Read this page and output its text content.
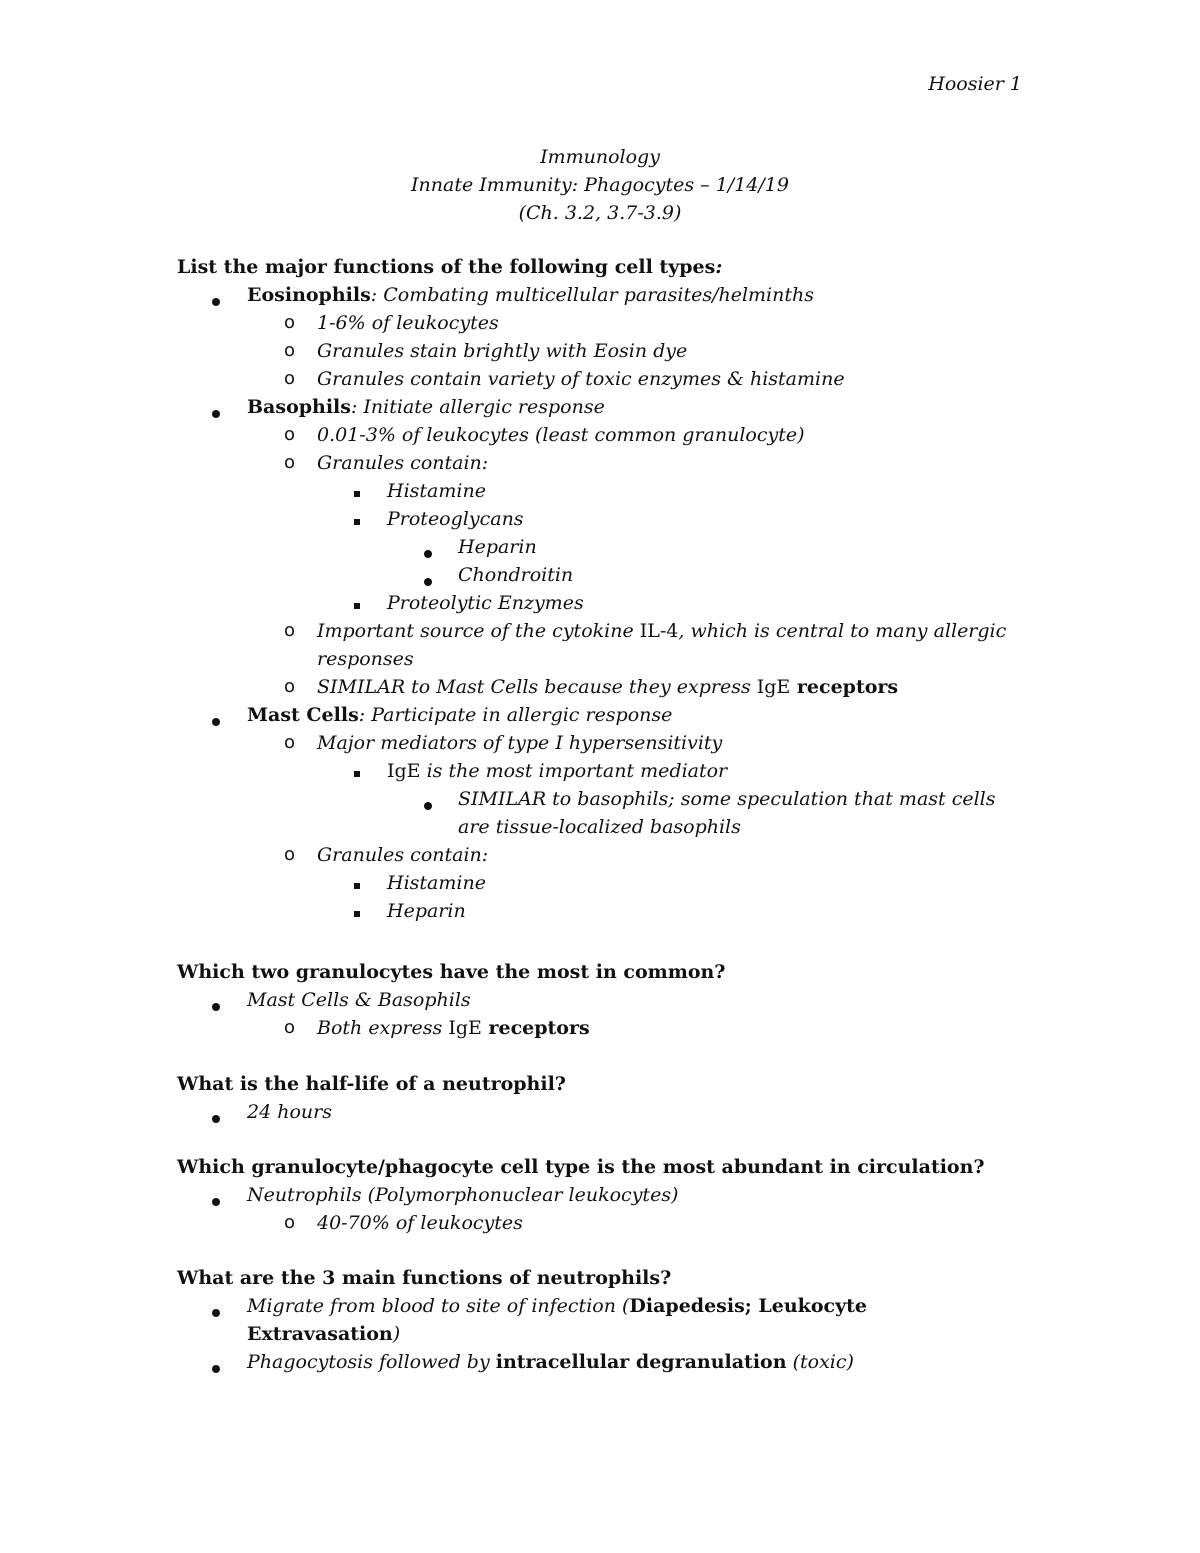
Hoosier 1
Immunology
Innate Immunity: Phagocytes – 1/14/19
(Ch. 3.2, 3.7-3.9)
List the major functions of the following cell types:
Eosinophils: Combating multicellular parasites/helminths
o 1-6% of leukocytes
o Granules stain brightly with Eosin dye
o Granules contain variety of toxic enzymes & histamine
Basophils: Initiate allergic response
o 0.01-3% of leukocytes (least common granulocyte)
o Granules contain:
Histamine
Proteoglycans
Heparin
Chondroitin
Proteolytic Enzymes
o Important source of the cytokine IL-4, which is central to many allergic
responses
o SIMILAR to Mast Cells because they express IgE receptors
Mast Cells: Participate in allergic response
o Major mediators of type I hypersensitivity
IgE is the most important mediator
SIMILAR to basophils; some speculation that mast cells
are tissue-localized basophils
o Granules contain:
Histamine
Heparin
Which two granulocytes have the most in common?
Mast Cells & Basophils
o Both express IgE receptors
What is the half-life of a neutrophil?
24 hours
Which granulocyte/phagocyte cell type is the most abundant in circulation?
Neutrophils (Polymorphonuclear leukocytes)
o 40-70% of leukocytes
What are the 3 main functions of neutrophils?
Migrate from blood to site of infection (Diapedesis; Leukocyte
Extravasation)
Phagocytosis followed by intracellular degranulation (toxic)
